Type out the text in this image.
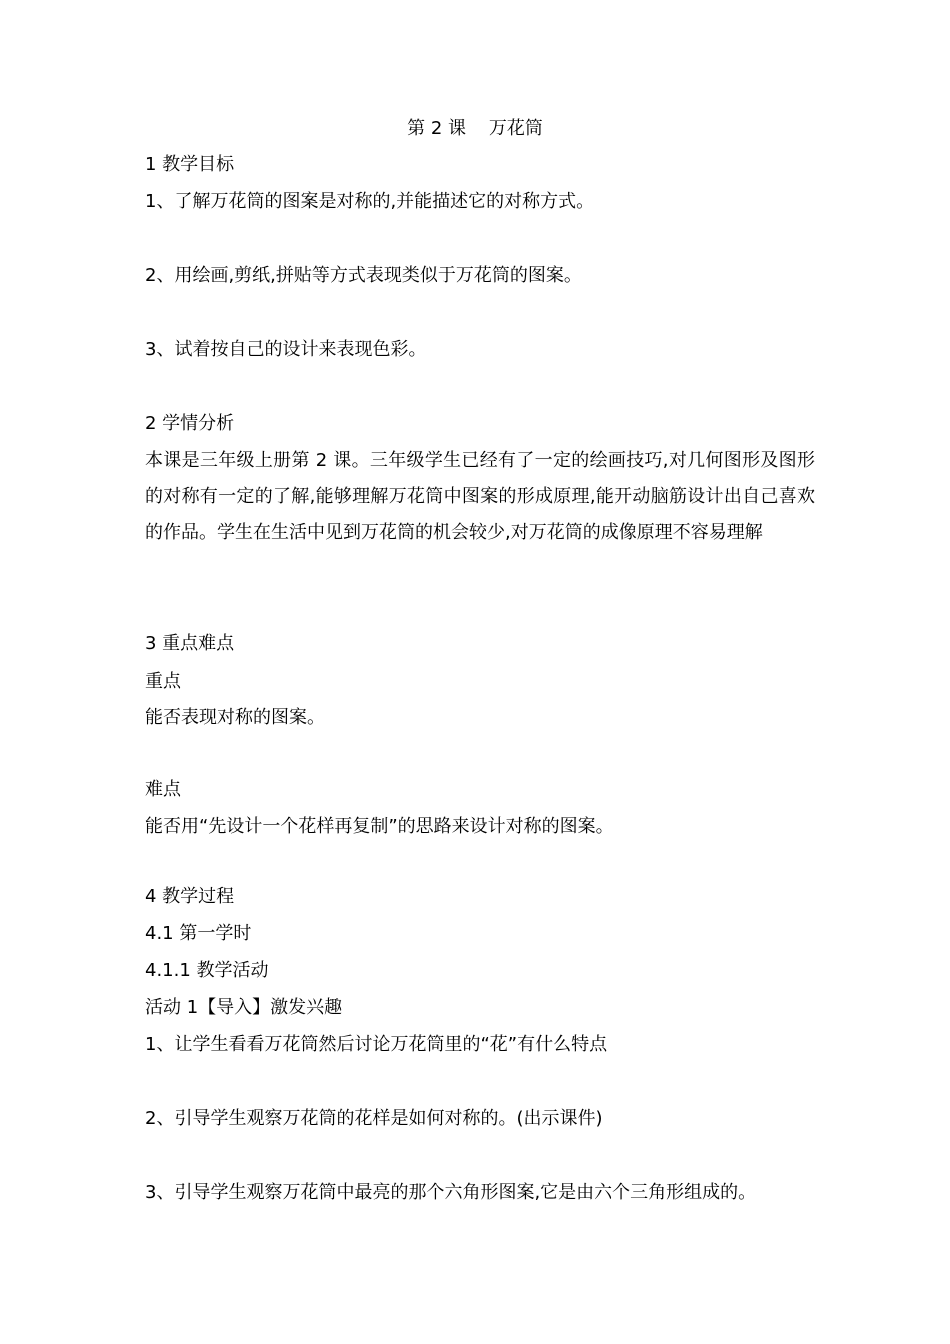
第 2 课    万花筒
1 教学目标
1、了解万花筒的图案是对称的,并能描述它的对称方式。
2、用绘画,剪纸,拼贴等方式表现类似于万花筒的图案。
3、试着按自己的设计来表现色彩。
2 学情分析
本课是三年级上册第 2 课。三年级学生已经有了一定的绘画技巧,对几何图形及图形的对称有一定的了解,能够理解万花筒中图案的形成原理,能开动脑筋设计出自己喜欢的作品。学生在生活中见到万花筒的机会较少,对万花筒的成像原理不容易理解
3 重点难点
重点
能否表现对称的图案。
难点
能否用“先设计一个花样再复制”的思路来设计对称的图案。
4 教学过程
4.1 第一学时
4.1.1 教学活动
活动 1【导入】激发兴趣
1、让学生看看万花筒然后讨论万花筒里的“花”有什么特点
2、引导学生观察万花筒的花样是如何对称的。(出示课件)
3、引导学生观察万花筒中最亮的那个六角形图案,它是由六个三角形组成的。
